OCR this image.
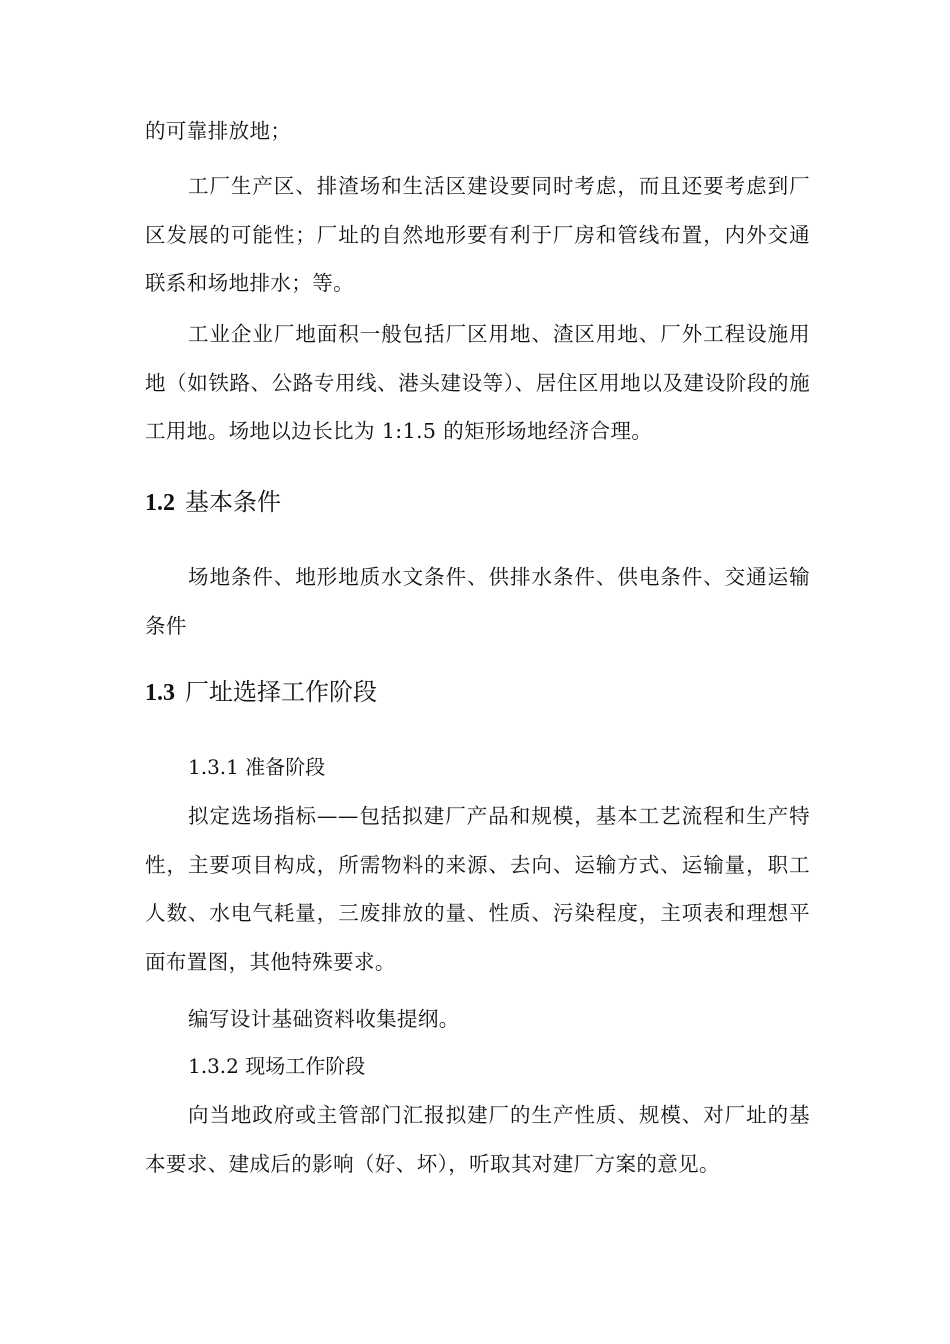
的可靠排放地；

工厂生产区、排渣场和生活区建设要同时考虑，而且还要考虑到厂区发展的可能性；厂址的自然地形要有利于厂房和管线布置，内外交通联系和场地排水；等。

工业企业厂地面积一般包括厂区用地、渣区用地、厂外工程设施用地（如铁路、公路专用线、港头建设等）、居住区用地以及建设阶段的施工用地。场地以边长比为 1:1.5 的矩形场地经济合理。

1.2 基本条件

场地条件、地形地质水文条件、供排水条件、供电条件、交通运输条件

1.3 厂址选择工作阶段
1.3.1 准备阶段

拟定选场指标——包括拟建厂产品和规模，基本工艺流程和生产特性，主要项目构成，所需物料的来源、去向、运输方式、运输量，职工人数、水电气耗量，三废排放的量、性质、污染程度，主项表和理想平面布置图，其他特殊要求。

编写设计基础资料收集提纲。

1.3.2 现场工作阶段

向当地政府或主管部门汇报拟建厂的生产性质、规模、对厂址的基本要求、建成后的影响（好、坏），听取其对建厂方案的意见。
